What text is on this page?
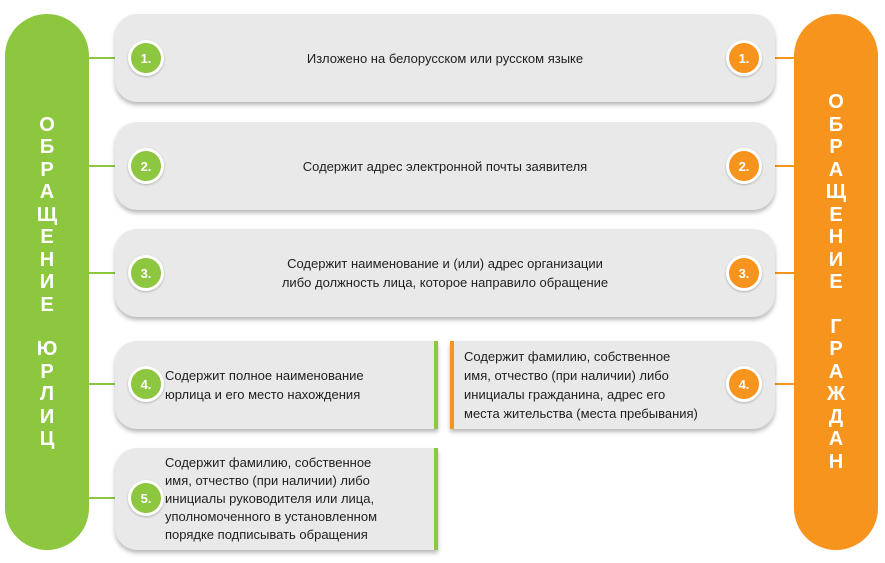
О
Б
Р
А
Щ
Е
Н
И
Е
Ю
Р
Л
И
Ц
О
Б
Р
А
Щ
Е
Н
И
Е
Г
Р
А
Ж
Д
А
Н
Изложено на белорусском или русском языке
1.	1.
Содержит адрес электронной почты заявителя
2.	2.
Содержит наименование и (или) адрес организации
либо должность лица, которое направило обращение
3.	3.
Содержит полное наименование
юрлица и его место нахождения
4.
Содержит фамилию, собственное
имя, отчество (при наличии) либо
инициалы гражданина, адрес его
места жительства (места пребывания)
4.
Содержит фамилию, собственное
имя, отчество (при наличии) либо
инициалы руководителя или лица,
уполномоченного в установленном
порядке подписывать обращения
5.
